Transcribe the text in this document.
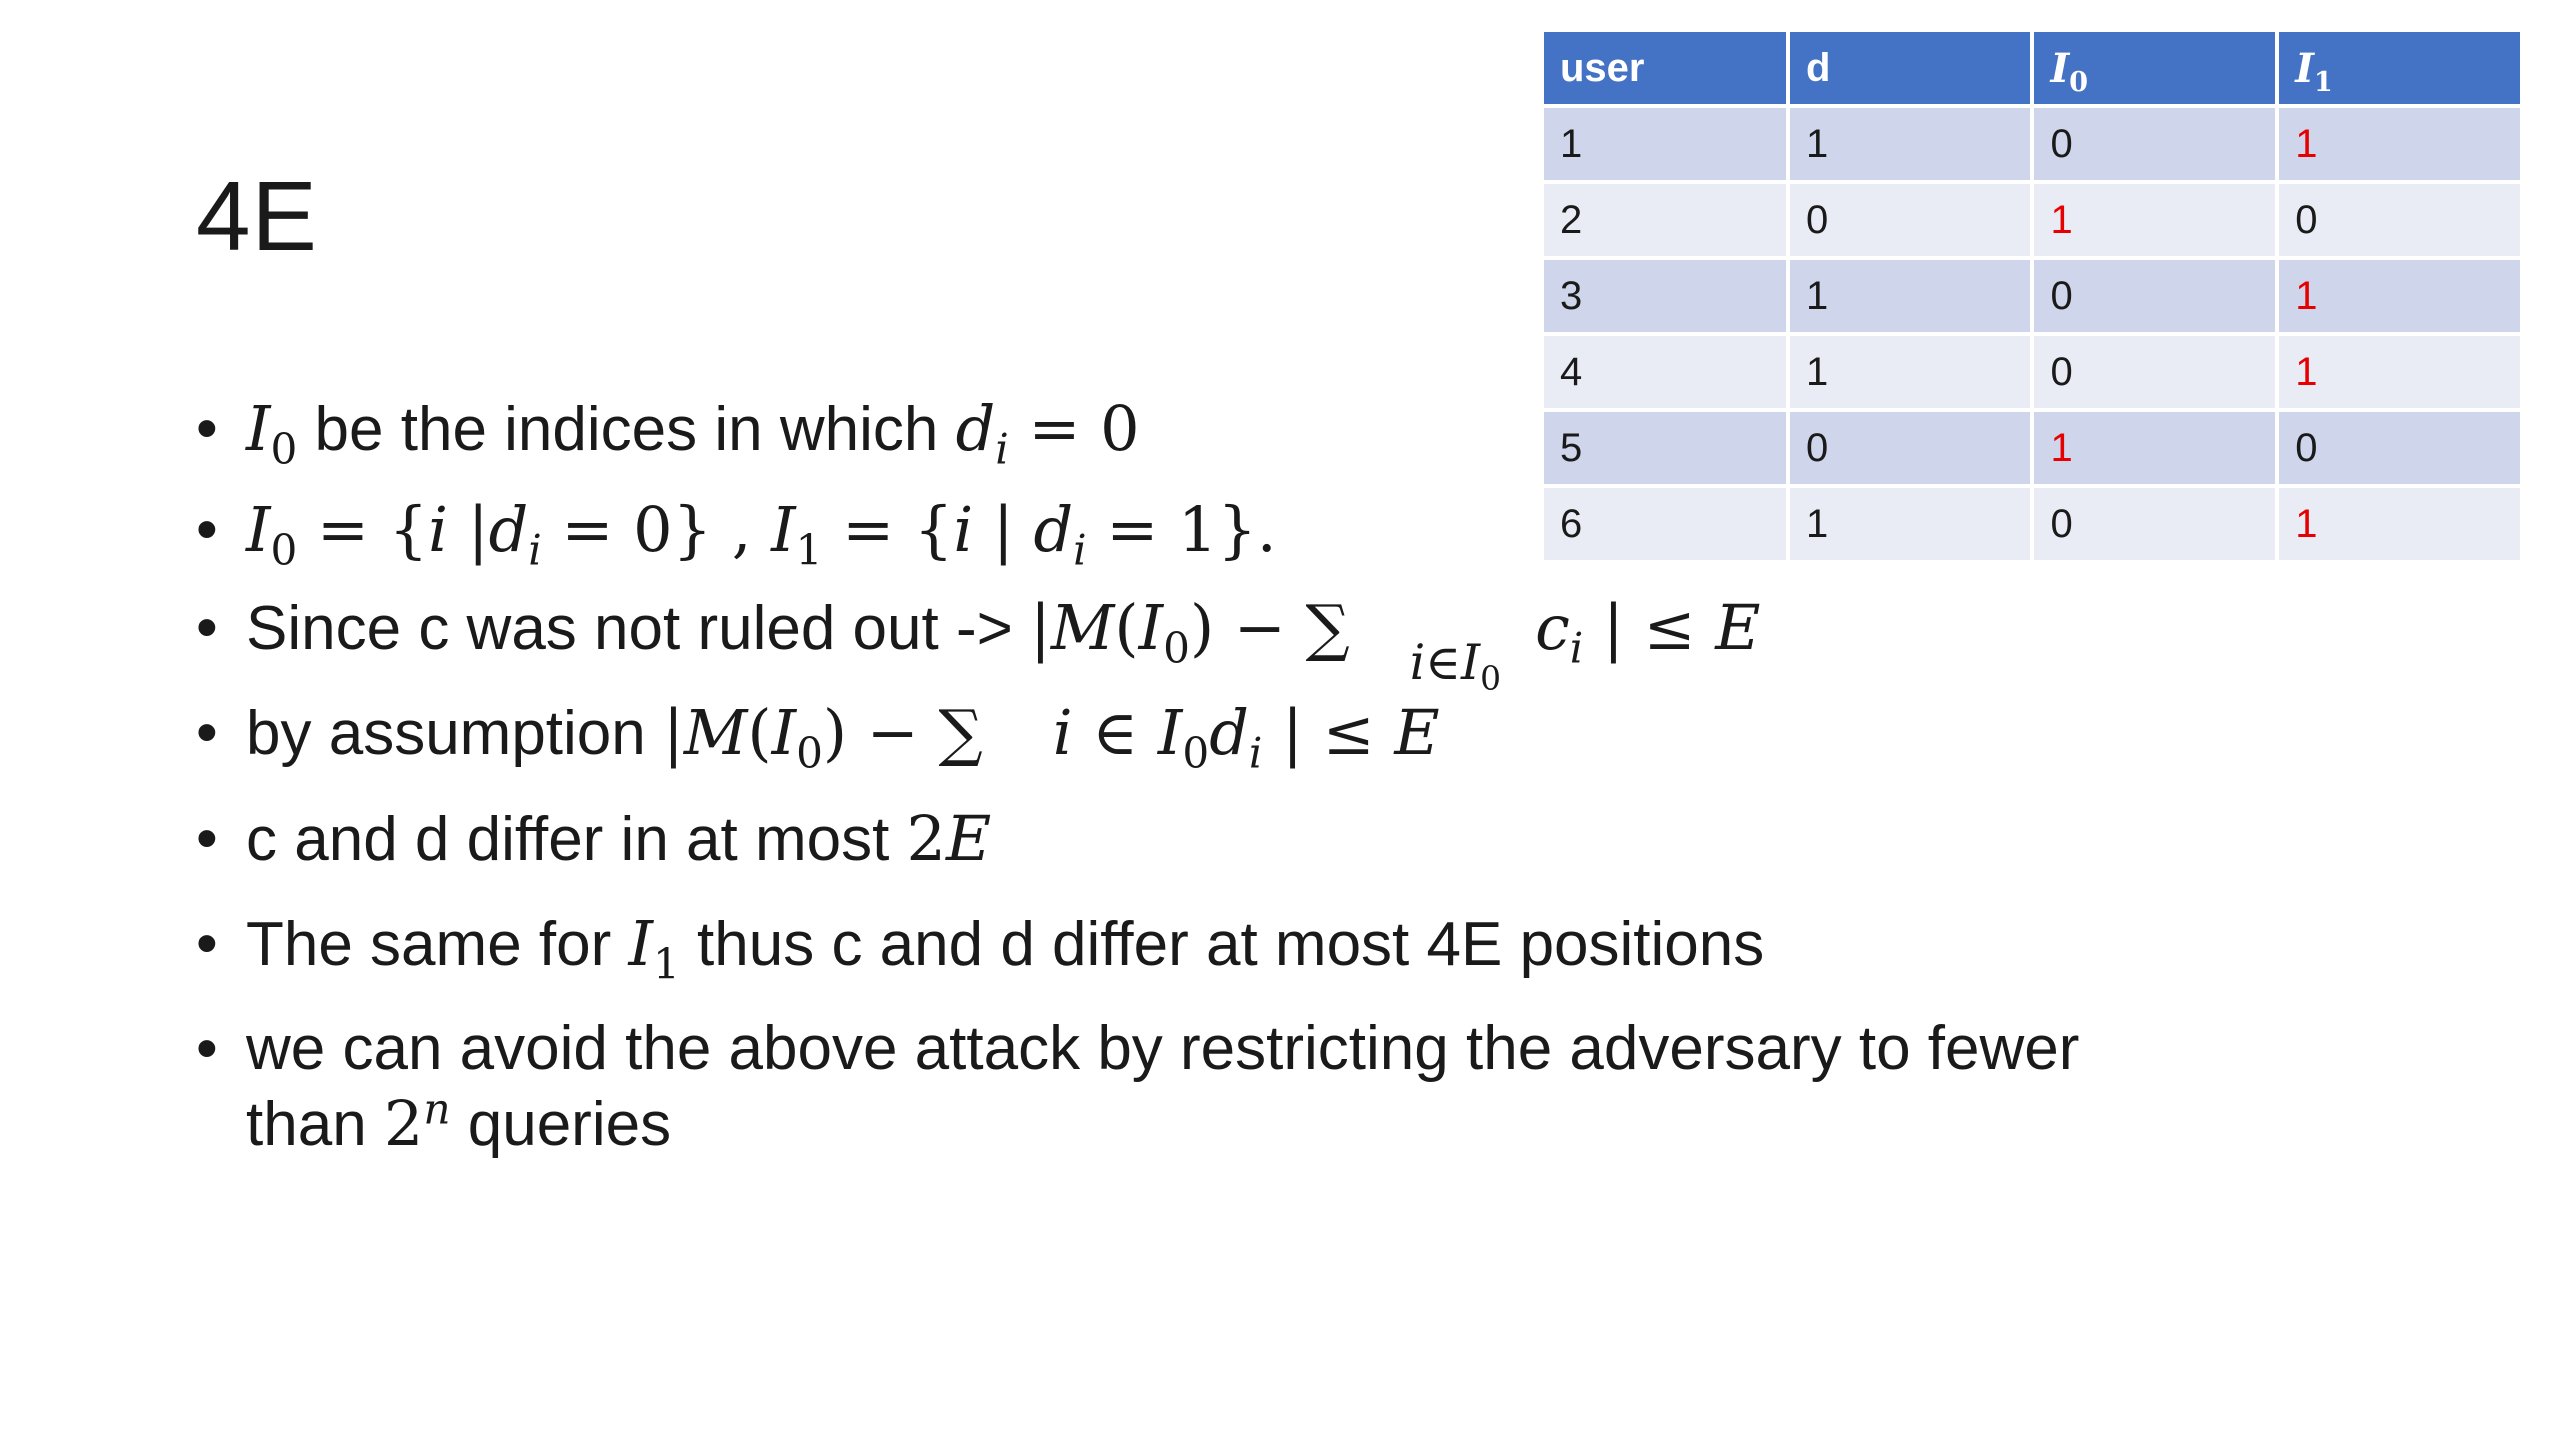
4E
user	d	$I_0$	$I_1$
1	1	0	1
2	0	1	0
3	1	0	1
4	1	0	1
5	0	1	0
6	1	0	1
• $I_0$ be the indices in which $d_i = 0$
• $I_0 = \{i$ $|d_i = 0$} , $I_1 = \{i$ | $d_i = 1$}.
• Since c was not ruled out -> $|M(I_0)$ − ∑ $i\in I_0c_i$ | ≤ E
• by assumption $|M(I_0)$ − ∑ i ∈ $I_0d_i$ | ≤ E
• c and d differ in at most 2E
• The same for $I_1$ thus c and d differ at most 4E positions
• we can avoid the above attack by restricting the adversary to fewer
than 2$^n$ queries
